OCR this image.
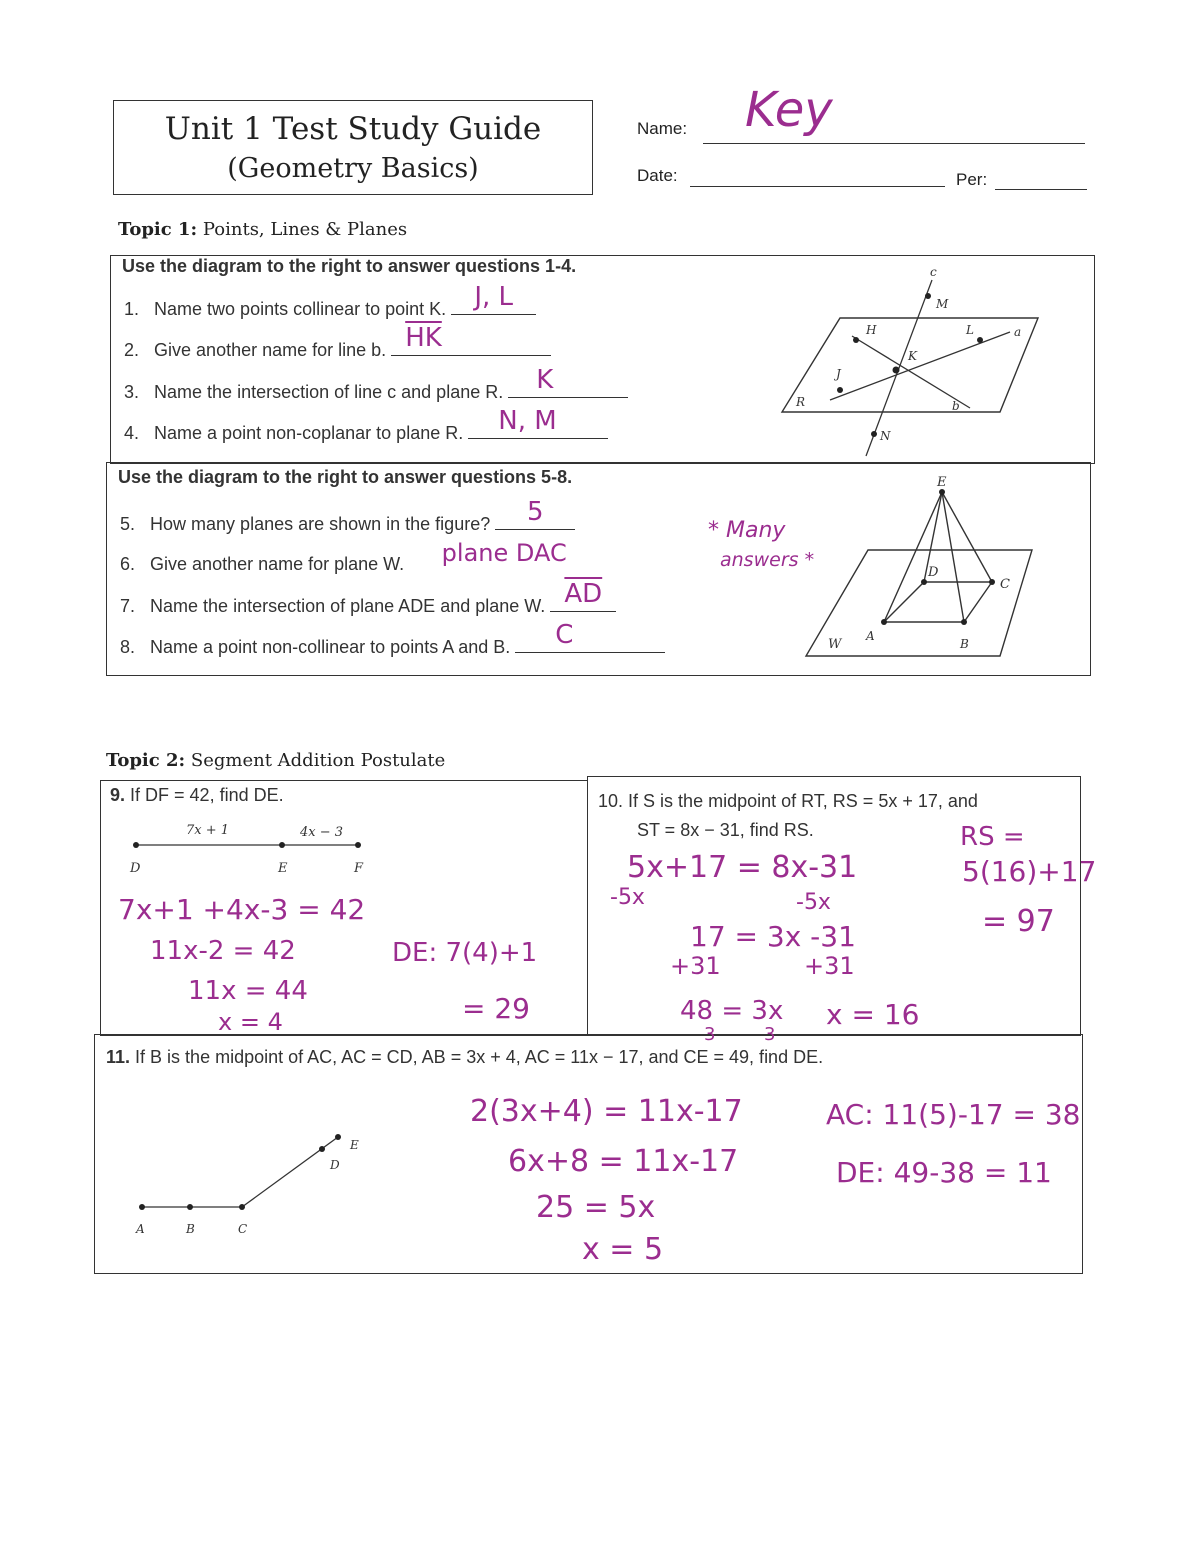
Unit 1 Test Study Guide
(Geometry Basics)
Name: Key
Date:	Per:
Topic 1: Points, Lines & Planes
Use the diagram to the right to answer questions 1-4.
1. Name two points collinear to point K.	J, L
2. Give another name for line b. $\overline{HK}$
3. Name the intersection of line c and plane R.	K
4. Name a point non-coplanar to plane R.	N, M
c
M
H	L	a
K
J
R	b
N
Use the diagram to the right to answer questions 5-8.
5. How many planes are shown in the figure?	5
6. Give another name for plane W.	plane DAC
7. Name the intersection of plane ADE and plane W. $\overline{AD}$
8. Name a point non-collinear to points A and B.	C
* Many
answers *
E
D
C
W
A
B
Topic 2: Segment Addition Postulate
9. If DF = 42, find DE.
7x + 1	4x − 3
D	E	F
7x+1 +4x-3 = 42
11x-2 = 42
11x = 44
x = 4
DE: 7(4)+1
= 29
10. If S is the midpoint of RT, RS = 5x + 17, and
ST = 8x − 31, find RS.
5x+17 = 8x-31
-5x	-5x
17 = 3x -31
+31	+31
48 = 3x
3	3
x = 16
RS =
5(16)+17
= 97
11. If B is the midpoint of AC, AC = CD, AB = 3x + 4, AC = 11x − 17, and CE = 49, find DE.
A	B	C
D
E
2(3x+4) = 11x-17
6x+8 = 11x-17
25 = 5x
x = 5
AC: 11(5)-17 = 38
DE: 49-38 = 11
